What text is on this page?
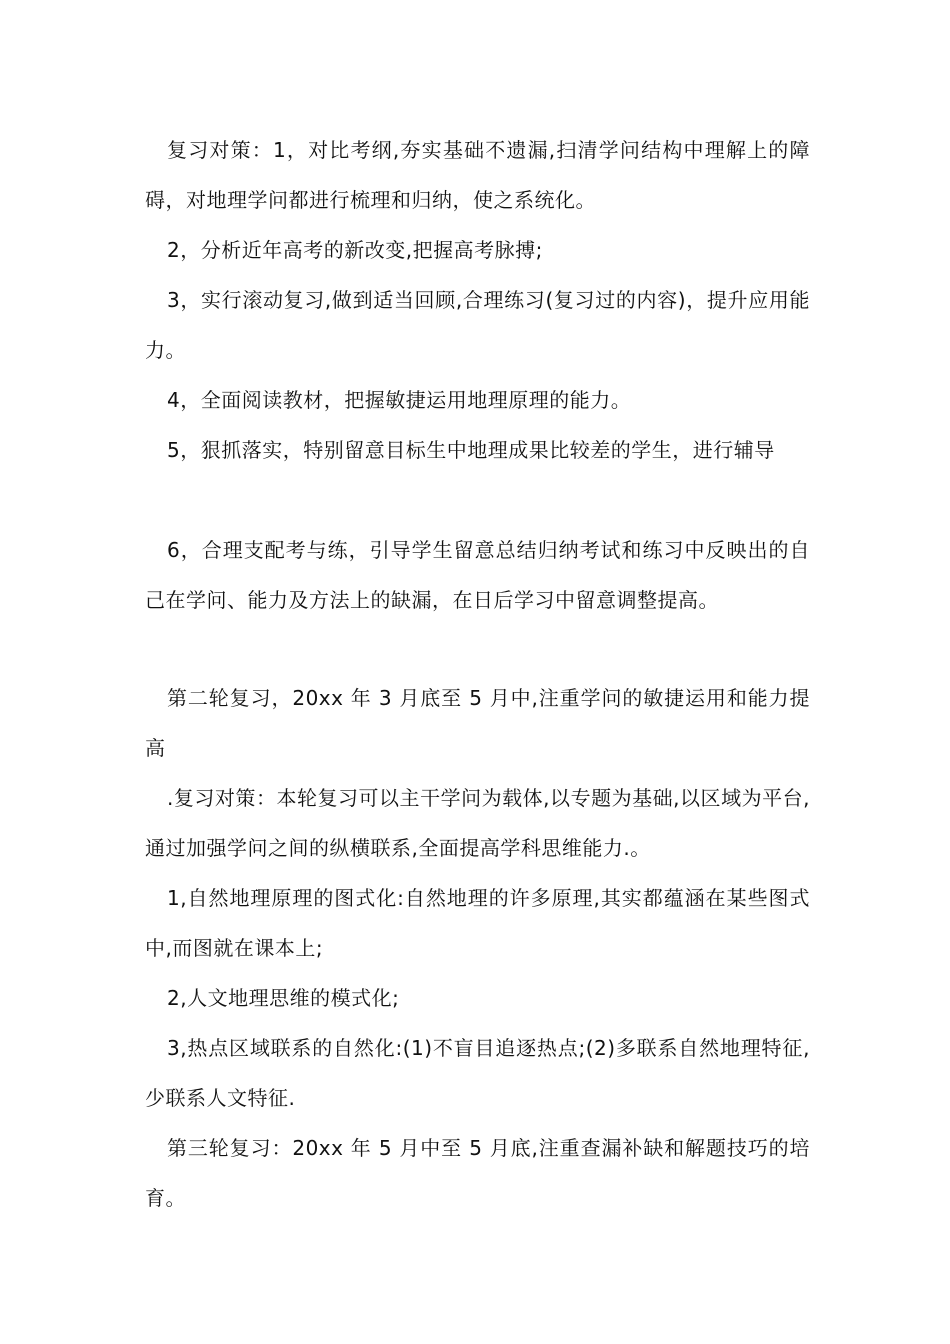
复习对策：1，对比考纲,夯实基础不遗漏,扫清学问结构中理解上的障碍，对地理学问都进行梳理和归纳，使之系统化。

2，分析近年高考的新改变,把握高考脉搏;

3，实行滚动复习,做到适当回顾,合理练习(复习过的内容)，提升应用能力。

4，全面阅读教材，把握敏捷运用地理原理的能力。

5，狠抓落实，特别留意目标生中地理成果比较差的学生，进行辅导

6，合理支配考与练，引导学生留意总结归纳考试和练习中反映出的自己在学问、能力及方法上的缺漏，在日后学习中留意调整提高。

第二轮复习，20xx 年 3 月底至 5 月中,注重学问的敏捷运用和能力提高

.复习对策：本轮复习可以主干学问为载体,以专题为基础,以区域为平台,通过加强学问之间的纵横联系,全面提高学科思维能力.。

1,自然地理原理的图式化:自然地理的许多原理,其实都蕴涵在某些图式中,而图就在课本上;

2,人文地理思维的模式化;

3,热点区域联系的自然化:(1)不盲目追逐热点;(2)多联系自然地理特征,少联系人文特征.

第三轮复习：20xx 年 5 月中至 5 月底,注重查漏补缺和解题技巧的培育。
